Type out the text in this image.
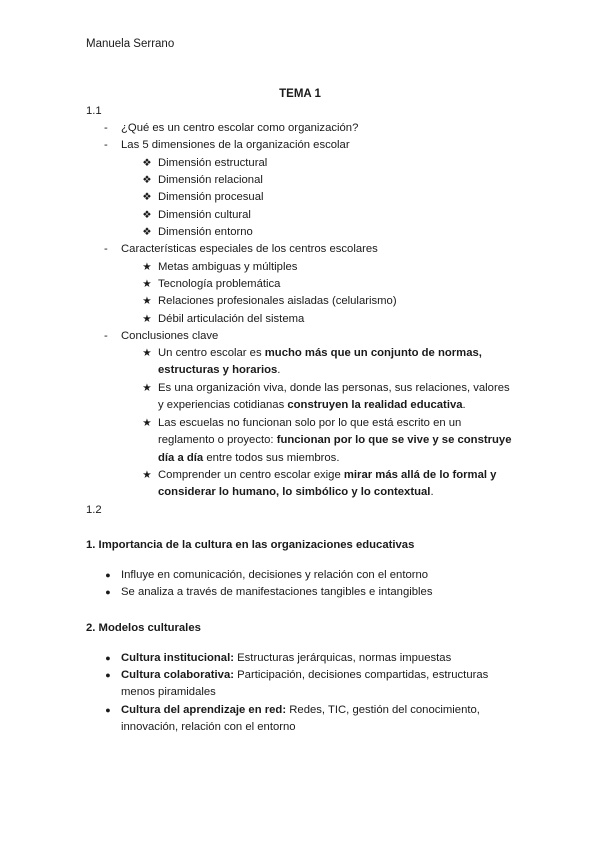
Manuela Serrano
TEMA 1
1.1
-	¿Qué es un centro escolar como organización?
-	Las 5 dimensiones de la organización escolar
❖ Dimensión estructural
❖ Dimensión relacional
❖ Dimensión procesual
❖ Dimensión cultural
❖ Dimensión entorno
-	Características especiales de los centros escolares
★ Metas ambiguas y múltiples
★ Tecnología problemática
★ Relaciones profesionales aisladas (celularismo)
★ Débil articulación del sistema
-	Conclusiones clave
★ Un centro escolar es mucho más que un conjunto de normas, estructuras y horarios.
★ Es una organización viva, donde las personas, sus relaciones, valores y experiencias cotidianas construyen la realidad educativa.
★ Las escuelas no funcionan solo por lo que está escrito en un reglamento o proyecto: funcionan por lo que se vive y se construye día a día entre todos sus miembros.
★ Comprender un centro escolar exige mirar más allá de lo formal y considerar lo humano, lo simbólico y lo contextual.
1.2
1. Importancia de la cultura en las organizaciones educativas
● Influye en comunicación, decisiones y relación con el entorno
● Se analiza a través de manifestaciones tangibles e intangibles
2. Modelos culturales
● Cultura institucional: Estructuras jerárquicas, normas impuestas
● Cultura colaborativa: Participación, decisiones compartidas, estructuras menos piramidales
● Cultura del aprendizaje en red: Redes, TIC, gestión del conocimiento, innovación, relación con el entorno
